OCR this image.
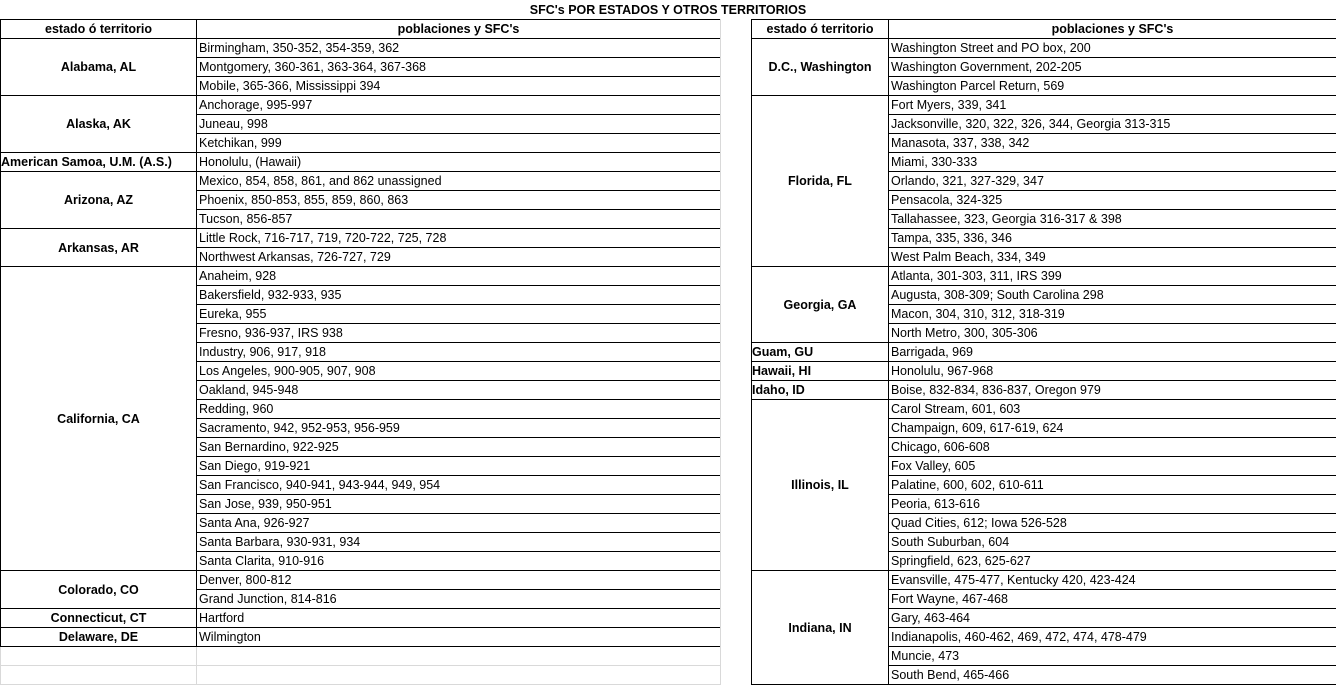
SFC's POR ESTADOS Y OTROS TERRITORIOS
estado ó territorio	poblaciones y SFC's
Alabama, AL	Birmingham, 350-352, 354-359, 362
	Montgomery, 360-361, 363-364, 367-368
	Mobile, 365-366, Mississippi 394
Alaska, AK	Anchorage, 995-997
	Juneau, 998
	Ketchikan, 999
American Samoa, U.M. (A.S.)	Honolulu, (Hawaii)
Arizona, AZ	Mexico, 854, 858, 861, and 862 unassigned
	Phoenix, 850-853, 855, 859, 860, 863
	Tucson, 856-857
Arkansas, AR	Little Rock, 716-717, 719, 720-722, 725, 728
	Northwest Arkansas, 726-727, 729
California, CA	Anaheim, 928
	Bakersfield, 932-933, 935
	Eureka, 955
	Fresno, 936-937, IRS 938
	Industry, 906, 917, 918
	Los Angeles, 900-905, 907, 908
	Oakland, 945-948
	Redding, 960
	Sacramento, 942, 952-953, 956-959
	San Bernardino, 922-925
	San Diego, 919-921
	San Francisco, 940-941, 943-944, 949, 954
	San Jose, 939, 950-951
	Santa Ana, 926-927
	Santa Barbara, 930-931, 934
	Santa Clarita, 910-916
Colorado, CO	Denver, 800-812
	Grand Junction, 814-816
Connecticut, CT	Hartford
Delaware, DE	Wilmington

estado ó territorio	poblaciones y SFC's
D.C., Washington	Washington Street and PO box, 200
	Washington Government, 202-205
	Washington Parcel Return, 569
Florida, FL	Fort Myers, 339, 341
	Jacksonville, 320, 322, 326, 344, Georgia 313-315
	Manasota, 337, 338, 342
	Miami, 330-333
	Orlando, 321, 327-329, 347
	Pensacola, 324-325
	Tallahassee, 323, Georgia 316-317 & 398
	Tampa, 335, 336, 346
	West Palm Beach, 334, 349
Georgia, GA	Atlanta, 301-303, 311, IRS 399
	Augusta, 308-309; South Carolina 298
	Macon, 304, 310, 312, 318-319
	North Metro, 300, 305-306
Guam, GU	Barrigada, 969
Hawaii, HI	Honolulu, 967-968
Idaho, ID	Boise, 832-834, 836-837, Oregon 979
Illinois, IL	Carol Stream, 601, 603
	Champaign, 609, 617-619, 624
	Chicago, 606-608
	Fox Valley, 605
	Palatine, 600, 602, 610-611
	Peoria, 613-616
	Quad Cities, 612; Iowa 526-528
	South Suburban, 604
	Springfield, 623, 625-627
Indiana, IN	Evansville, 475-477, Kentucky 420, 423-424
	Fort Wayne, 467-468
	Gary, 463-464
	Indianapolis, 460-462, 469, 472, 474, 478-479
	Muncie, 473
	South Bend, 465-466
